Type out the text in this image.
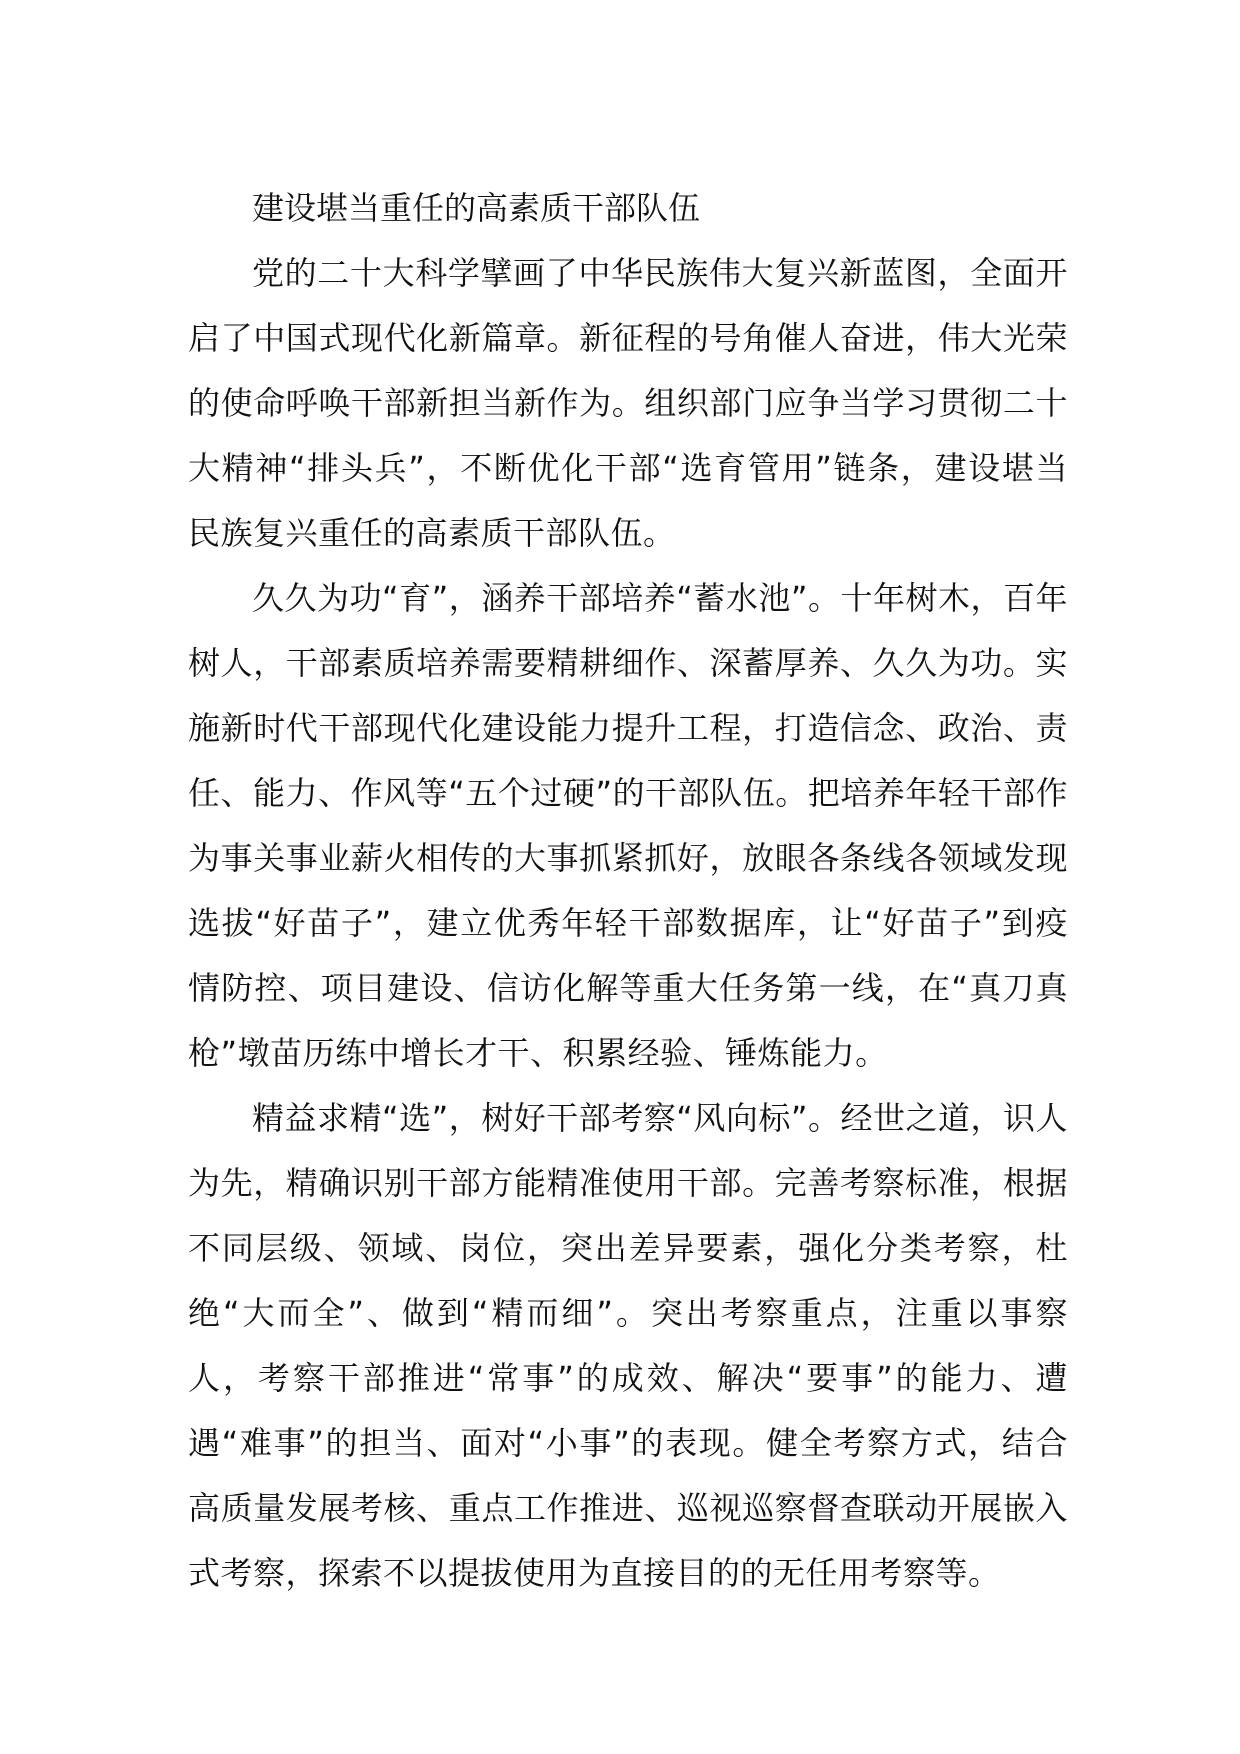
建设堪当重任的高素质干部队伍

党的二十大科学擘画了中华民族伟大复兴新蓝图，全面开启了中国式现代化新篇章。新征程的号角催人奋进，伟大光荣的使命呼唤干部新担当新作为。组织部门应争当学习贯彻二十大精神“排头兵”，不断优化干部“选育管用”链条，建设堪当民族复兴重任的高素质干部队伍。

久久为功“育”，涵养干部培养“蓄水池”。十年树木，百年树人，干部素质培养需要精耕细作、深蓄厚养、久久为功。实施新时代干部现代化建设能力提升工程，打造信念、政治、责任、能力、作风等“五个过硬”的干部队伍。把培养年轻干部作为事关事业薪火相传的大事抓紧抓好，放眼各条线各领域发现选拔“好苗子”，建立优秀年轻干部数据库，让“好苗子”到疫情防控、项目建设、信访化解等重大任务第一线，在“真刀真枪”墩苗历练中增长才干、积累经验、锤炼能力。

精益求精“选”，树好干部考察“风向标”。经世之道，识人为先，精确识别干部方能精准使用干部。完善考察标准，根据不同层级、领域、岗位，突出差异要素，强化分类考察，杜绝“大而全”、做到“精而细”。突出考察重点，注重以事察人，考察干部推进“常事”的成效、解决“要事”的能力、遭遇“难事”的担当、面对“小事”的表现。健全考察方式，结合高质量发展考核、重点工作推进、巡视巡察督查联动开展嵌入式考察，探索不以提拔使用为直接目的的无任用考察等。
